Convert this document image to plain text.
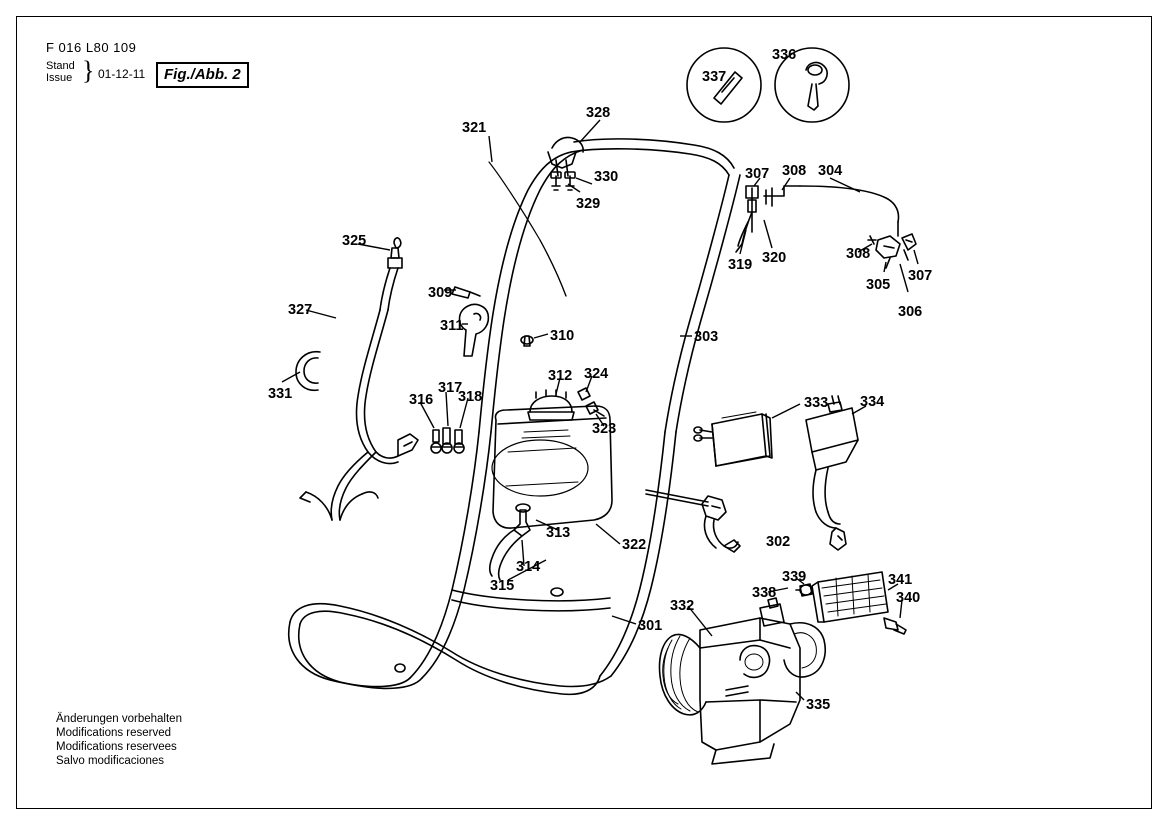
F 016 L80 109
Stand
Issue } 01-12-11	Fig./Abb. 2
Änderungen vorbehalten
Modifications reserved
Modifications reservees
Salvo modificaciones
301
302
303
304
305
306
307
307
308
308
309
310
311
312
313
314
315
316
317
318
319 320
321
322
323
324
325
327
328
329
330
331
332
333 334
335
336
337
338
339
340
341
